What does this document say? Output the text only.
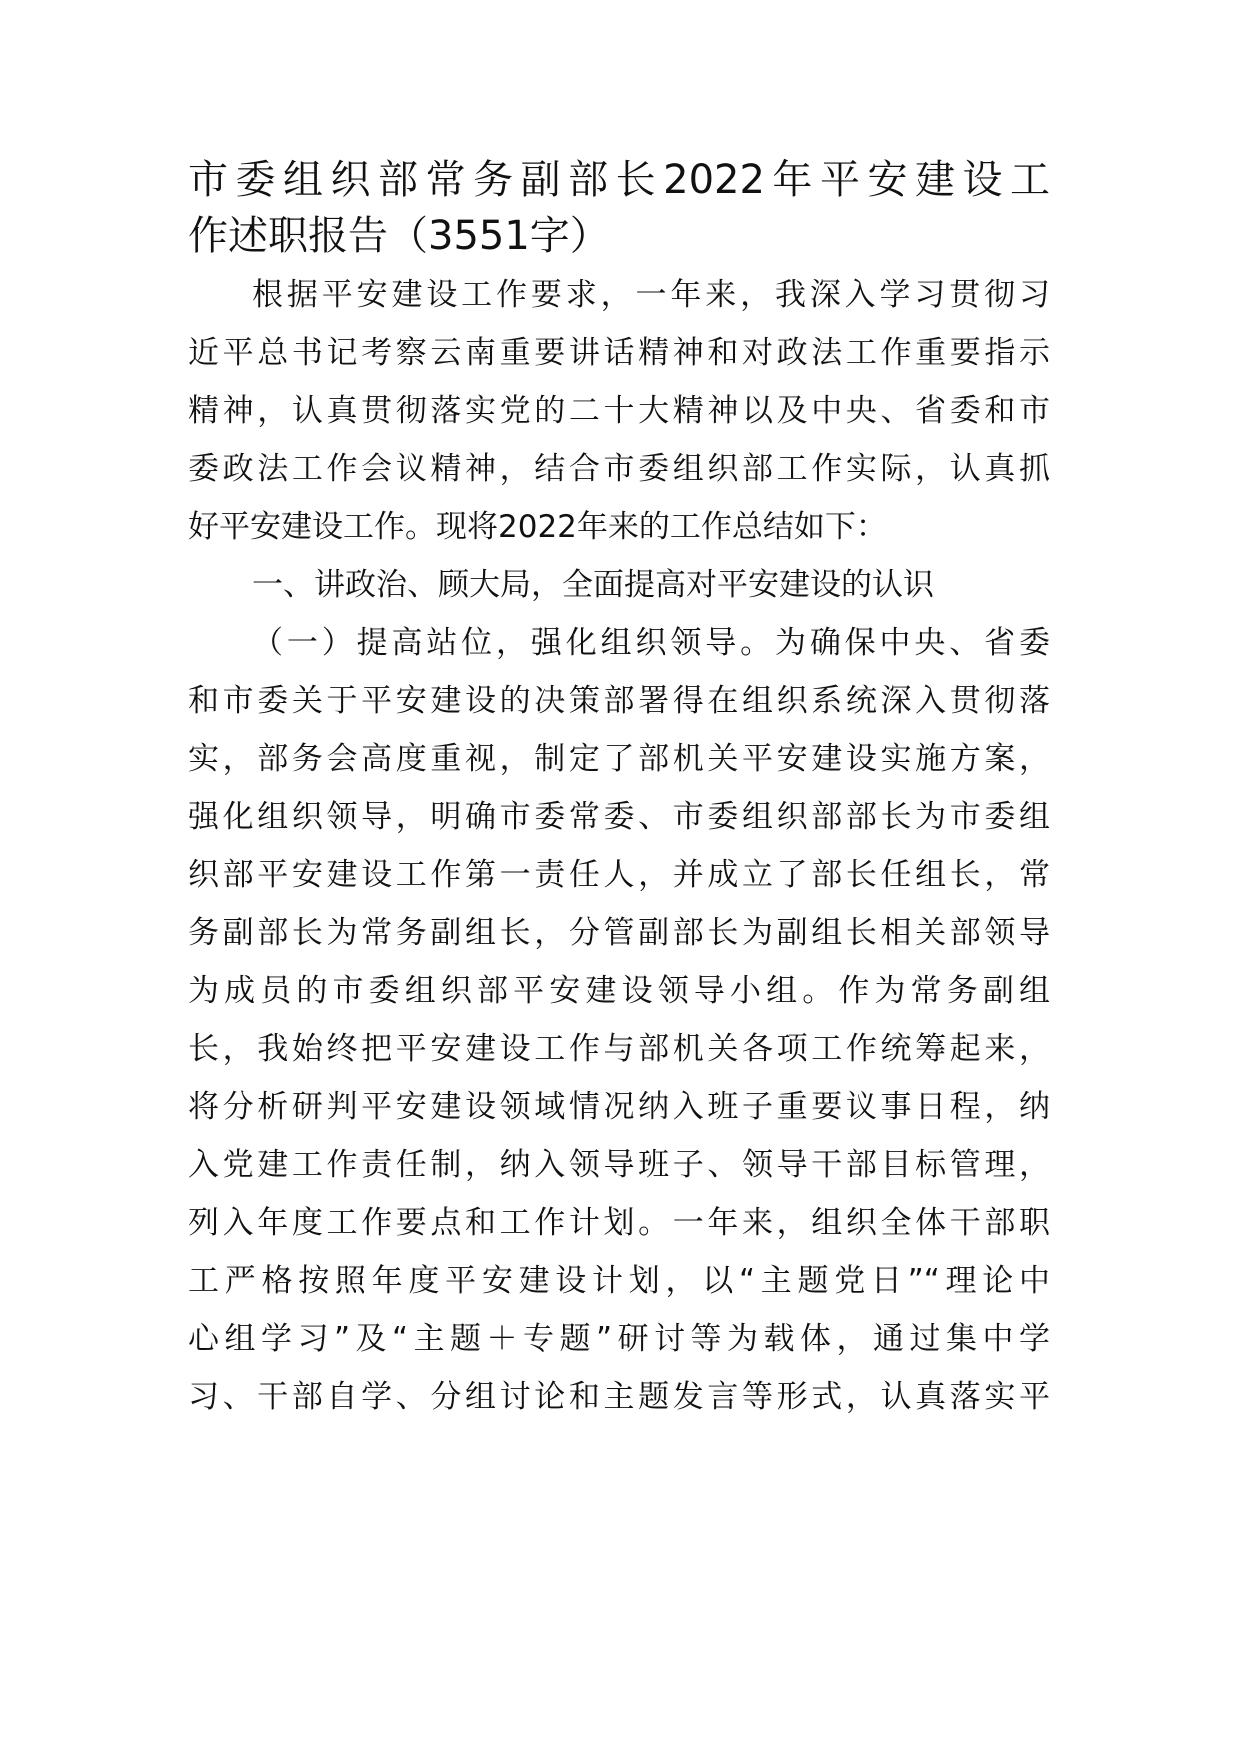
市委组织部常务副部长2022年平安建设工
作述职报告（3551字）
根据平安建设工作要求，一年来，我深入学习贯彻习
近平总书记考察云南重要讲话精神和对政法工作重要指示
精神，认真贯彻落实党的二十大精神以及中央、省委和市
委政法工作会议精神，结合市委组织部工作实际，认真抓
好平安建设工作。现将2022年来的工作总结如下：
一、讲政治、顾大局，全面提高对平安建设的认识
（一）提高站位，强化组织领导。为确保中央、省委
和市委关于平安建设的决策部署得在组织系统深入贯彻落
实，部务会高度重视，制定了部机关平安建设实施方案，
强化组织领导，明确市委常委、市委组织部部长为市委组
织部平安建设工作第一责任人，并成立了部长任组长，常
务副部长为常务副组长，分管副部长为副组长相关部领导
为成员的市委组织部平安建设领导小组。作为常务副组
长，我始终把平安建设工作与部机关各项工作统筹起来，
将分析研判平安建设领域情况纳入班子重要议事日程，纳
入党建工作责任制，纳入领导班子、领导干部目标管理，
列入年度工作要点和工作计划。一年来，组织全体干部职
工严格按照年度平安建设计划，以“主题党日”“理论中
心组学习”及“主题＋专题”研讨等为载体，通过集中学
习、干部自学、分组讨论和主题发言等形式，认真落实平
